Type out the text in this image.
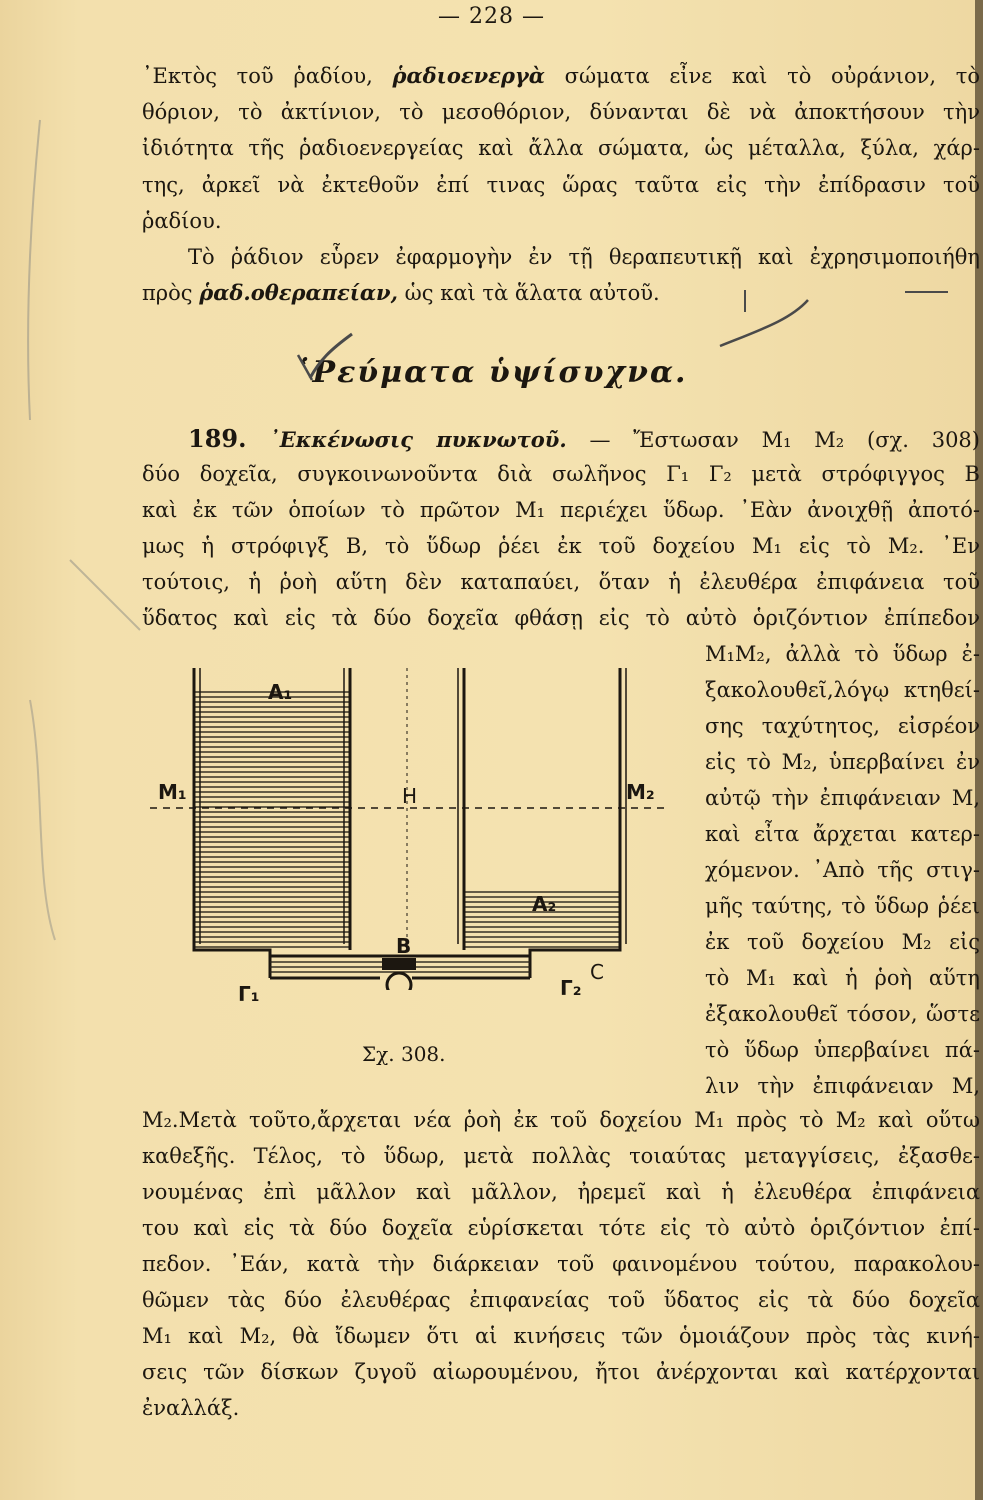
— 228 —
᾿Εκτὸς τοῦ ῥαδίου, ῥαδιοενεργὰ σώματα εἶνε καὶ τὸ οὐράνιον, τὸ
θόριον, τὸ ἀκτίνιον, τὸ μεσοθόριον, δύνανται δὲ νὰ ἀποκτήσουν τὴν
ἰδιότητα τῆς ῥαδιοενεργείας καὶ ἄλλα σώματα, ὡς μέταλλα, ξύλα, χάρ-
της, ἀρκεῖ νὰ ἐκτεθοῦν ἐπί τινας ὥρας ταῦτα εἰς τὴν ἐπίδρασιν τοῦ
ῥαδίου.
Τὸ ῥάδιον εὗρεν ἐφαρμογὴν ἐν τῇ θεραπευτικῇ καὶ ἐχρησιμοποιήθη
πρὸς ῥαδ.οθεραπείαν, ὡς καὶ τὰ ἅλατα αὐτοῦ.
῾Ρεύματα ὑψίσυχνα.
189. ᾿Εκκένωσις πυκνωτοῦ. — Ἔστωσαν Μ₁ Μ₂ (σχ. 308)
δύο δοχεῖα, συγκοινωνοῦντα διὰ σωλῆνος Γ₁ Γ₂ μετὰ στρόφιγγος Β
καὶ ἐκ τῶν ὁποίων τὸ πρῶτον Μ₁ περιέχει ὕδωρ. ᾿Εὰν ἀνοιχθῇ ἀποτό-
μως ἡ στρόφιγξ Β, τὸ ὕδωρ ῥέει ἐκ τοῦ δοχείου Μ₁ εἰς τὸ Μ₂. ᾿Εν
τούτοις, ἡ ῥοὴ αὕτη δὲν καταπαύει, ὅταν ἡ ἐλευθέρα ἐπιφάνεια τοῦ
ὕδατος καὶ εἰς τὰ δύο δοχεῖα φθάσῃ εἰς τὸ αὐτὸ ὁριζόντιον ἐπίπεδον
Μ₁Μ₂, ἀλλὰ τὸ ὕδωρ ἐ-
ξακολουθεῖ,λόγῳ κτηθεί-
σης ταχύτητος, εἰσρέον
εἰς τὸ Μ₂, ὑπερβαίνει ἐν
αὐτῷ τὴν ἐπιφάνειαν Μ,
καὶ εἶτα ἄρχεται κατερ-
χόμενον. ᾿Απὸ τῆς στιγ-
μῆς ταύτης, τὸ ὕδωρ ῥέει
ἐκ τοῦ δοχείου Μ₂ εἰς
τὸ Μ₁ καὶ ἡ ῥοὴ αὕτη
ἐξακολουθεῖ τόσον, ὥστε
τὸ ὕδωρ ὑπερβαίνει πά-
λιν τὴν ἐπιφάνειαν Μ,
Μ₂.Μετὰ τοῦτο,ἄρχεται νέα ῥοὴ ἐκ τοῦ δοχείου Μ₁ πρὸς τὸ Μ₂ καὶ οὕτω
καθεξῆς. Τέλος, τὸ ὕδωρ, μετὰ πολλὰς τοιαύτας μεταγγίσεις, ἐξασθε-
νουμένας ἐπὶ μᾶλλον καὶ μᾶλλον, ἠρεμεῖ καὶ ἡ ἐλευθέρα ἐπιφάνεια
του καὶ εἰς τὰ δύο δοχεῖα εὑρίσκεται τότε εἰς τὸ αὐτὸ ὁριζόντιον ἐπί-
πεδον. ᾿Εάν, κατὰ τὴν διάρκειαν τοῦ φαινομένου τούτου, παρακολου-
θῶμεν τὰς δύο ἐλευθέρας ἐπιφανείας τοῦ ὕδατος εἰς τὰ δύο δοχεῖα
Μ₁ καὶ Μ₂, θὰ ἴδωμεν ὅτι αἱ κινήσεις τῶν ὁμοιάζουν πρὸς τὰς κινή-
σεις τῶν δίσκων ζυγοῦ αἰωρουμένου, ἤτοι ἀνέρχονται καὶ κατέρχονται
ἐναλλάξ.
A₁
A₂
M₁	M₂
H
B
Γ₁	Γ₂
C
Σχ. 308.
